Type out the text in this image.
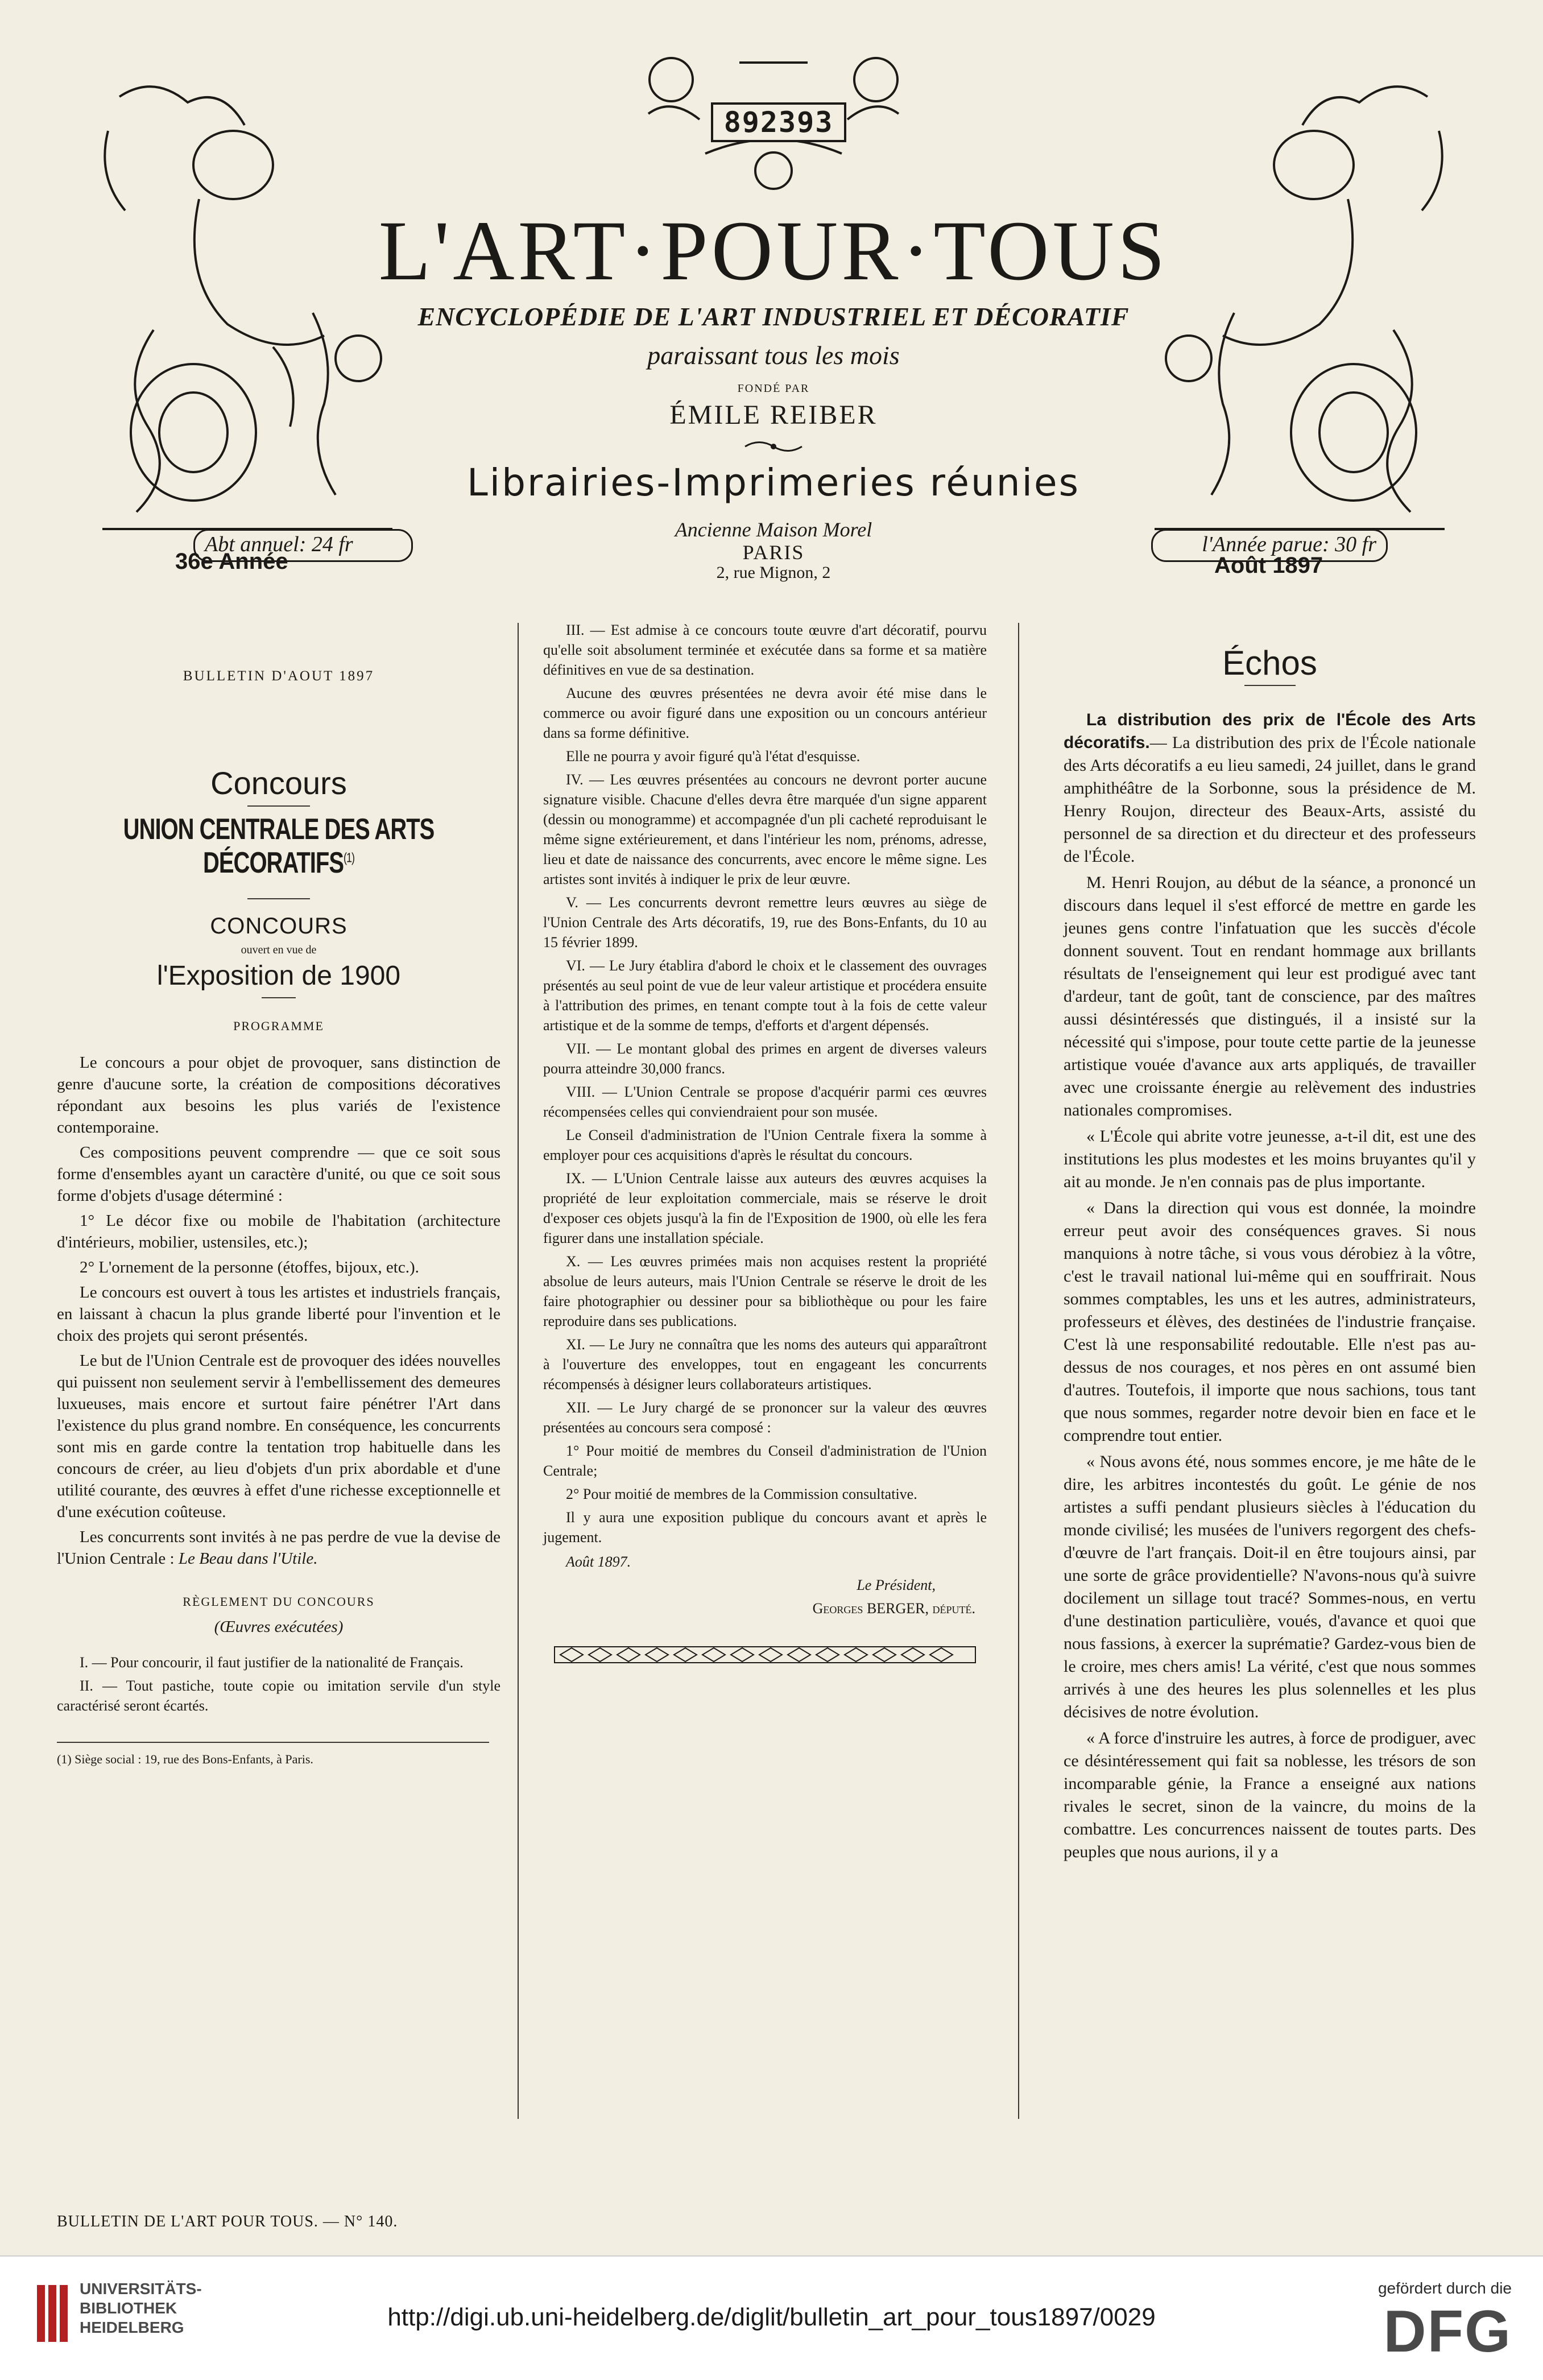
892393
L'ART·POUR·TOUS
ENCYCLOPÉDIE DE L'ART INDUSTRIEL ET DÉCORATIF
paraissant tous les mois
FONDÉ PAR
ÉMILE REIBER
Librairies-Imprimeries réunies
Abt annuel: 24 fr	l'Année parue: 30 fr
Ancienne Maison Morel
PARIS
2, rue Mignon, 2
36e Année	Août 1897

BULLETIN D'AOUT 1897

Concours

UNION CENTRALE DES ARTS DÉCORATIFS$^{(1)}$

CONCOURS

ouvert en vue de

l'Exposition de 1900

PROGRAMME

Le concours a pour objet de provoquer, sans distinction de genre d'aucune sorte, la création de compositions décoratives répondant aux besoins les plus variés de l'existence contemporaine.

Ces compositions peuvent comprendre — que ce soit sous forme d'ensembles ayant un caractère d'unité, ou que ce soit sous forme d'objets d'usage déterminé :

1° Le décor fixe ou mobile de l'habitation (architecture d'intérieurs, mobilier, ustensiles, etc.);

2° L'ornement de la personne (étoffes, bijoux, etc.).

Le concours est ouvert à tous les artistes et industriels français, en laissant à chacun la plus grande liberté pour l'invention et le choix des projets qui seront présentés.

Le but de l'Union Centrale est de provoquer des idées nouvelles qui puissent non seulement servir à l'embellissement des demeures luxueuses, mais encore et surtout faire pénétrer l'Art dans l'existence du plus grand nombre. En conséquence, les concurrents sont mis en garde contre la tentation trop habituelle dans les concours de créer, au lieu d'objets d'un prix abordable et d'une utilité courante, des œuvres à effet d'une richesse exceptionnelle et d'une exécution coûteuse.

Les concurrents sont invités à ne pas perdre de vue la devise de l'Union Centrale : Le Beau dans l'Utile.

RÈGLEMENT DU CONCOURS

(Œuvres exécutées)

I. — Pour concourir, il faut justifier de la nationalité de Français.

II. — Tout pastiche, toute copie ou imitation servile d'un style caractérisé seront écartés.

(1) Siège social : 19, rue des Bons-Enfants, à Paris.

III. — Est admise à ce concours toute œuvre d'art décoratif, pourvu qu'elle soit absolument terminée et exécutée dans sa forme et sa matière définitives en vue de sa destination.

Aucune des œuvres présentées ne devra avoir été mise dans le commerce ou avoir figuré dans une exposition ou un concours antérieur dans sa forme définitive.

Elle ne pourra y avoir figuré qu'à l'état d'esquisse.

IV. — Les œuvres présentées au concours ne devront porter aucune signature visible. Chacune d'elles devra être marquée d'un signe apparent (dessin ou monogramme) et accompagnée d'un pli cacheté reproduisant le même signe extérieurement, et dans l'intérieur les nom, prénoms, adresse, lieu et date de naissance des concurrents, avec encore le même signe. Les artistes sont invités à indiquer le prix de leur œuvre.

V. — Les concurrents devront remettre leurs œuvres au siège de l'Union Centrale des Arts décoratifs, 19, rue des Bons-Enfants, du 10 au 15 février 1899.

VI. — Le Jury établira d'abord le choix et le classement des ouvrages présentés au seul point de vue de leur valeur artistique et procédera ensuite à l'attribution des primes, en tenant compte tout à la fois de cette valeur artistique et de la somme de temps, d'efforts et d'argent dépensés.

VII. — Le montant global des primes en argent de diverses valeurs pourra atteindre 30,000 francs.

VIII. — L'Union Centrale se propose d'acquérir parmi ces œuvres récompensées celles qui conviendraient pour son musée.

Le Conseil d'administration de l'Union Centrale fixera la somme à employer pour ces acquisitions d'après le résultat du concours.

IX. — L'Union Centrale laisse aux auteurs des œuvres acquises la propriété de leur exploitation commerciale, mais se réserve le droit d'exposer ces objets jusqu'à la fin de l'Exposition de 1900, où elle les fera figurer dans une installation spéciale.

X. — Les œuvres primées mais non acquises restent la propriété absolue de leurs auteurs, mais l'Union Centrale se réserve le droit de les faire photographier ou dessiner pour sa bibliothèque ou pour les faire reproduire dans ses publications.

XI. — Le Jury ne connaîtra que les noms des auteurs qui apparaîtront à l'ouverture des enveloppes, tout en engageant les concurrents récompensés à désigner leurs collaborateurs artistiques.

XII. — Le Jury chargé de se prononcer sur la valeur des œuvres présentées au concours sera composé :

1° Pour moitié de membres du Conseil d'administration de l'Union Centrale;

2° Pour moitié de membres de la Commission consultative.

Il y aura une exposition publique du concours avant et après le jugement.

Août 1897.

Le Président,

Georges BERGER, député.

Échos

La distribution des prix de l'École des Arts décoratifs.— La distribution des prix de l'École nationale des Arts décoratifs a eu lieu samedi, 24 juillet, dans le grand amphithéâtre de la Sorbonne, sous la présidence de M. Henry Roujon, directeur des Beaux-Arts, assisté du personnel de sa direction et du directeur et des professeurs de l'École.

M. Henri Roujon, au début de la séance, a prononcé un discours dans lequel il s'est efforcé de mettre en garde les jeunes gens contre l'infatuation que les succès d'école donnent souvent. Tout en rendant hommage aux brillants résultats de l'enseignement qui leur est prodigué avec tant d'ardeur, tant de goût, tant de conscience, par des maîtres aussi désintéressés que distingués, il a insisté sur la nécessité qui s'impose, pour toute cette partie de la jeunesse artistique vouée d'avance aux arts appliqués, de travailler avec une croissante énergie au relèvement des industries nationales compromises.

« L'École qui abrite votre jeunesse, a-t-il dit, est une des institutions les plus modestes et les moins bruyantes qu'il y ait au monde. Je n'en connais pas de plus importante.

« Dans la direction qui vous est donnée, la moindre erreur peut avoir des conséquences graves. Si nous manquions à notre tâche, si vous vous dérobiez à la vôtre, c'est le travail national lui-même qui en souffrirait. Nous sommes comptables, les uns et les autres, administrateurs, professeurs et élèves, des destinées de l'industrie française. C'est là une responsabilité redoutable. Elle n'est pas au-dessus de nos courages, et nos pères en ont assumé bien d'autres. Toutefois, il importe que nous sachions, tous tant que nous sommes, regarder notre devoir bien en face et le comprendre tout entier.

« Nous avons été, nous sommes encore, je me hâte de le dire, les arbitres incontestés du goût. Le génie de nos artistes a suffi pendant plusieurs siècles à l'éducation du monde civilisé; les musées de l'univers regorgent des chefs-d'œuvre de l'art français. Doit-il en être toujours ainsi, par une sorte de grâce providentielle? N'avons-nous qu'à suivre docilement un sillage tout tracé? Sommes-nous, en vertu d'une destination particulière, voués, d'avance et quoi que nous fassions, à exercer la suprématie? Gardez-vous bien de le croire, mes chers amis! La vérité, c'est que nous sommes arrivés à une des heures les plus solennelles et les plus décisives de notre évolution.

« A force d'instruire les autres, à force de prodiguer, avec ce désintéressement qui fait sa noblesse, les trésors de son incomparable génie, la France a enseigné aux nations rivales le secret, sinon de la vaincre, du moins de la combattre. Les concurrences naissent de toutes parts. Des peuples que nous aurions, il y a

BULLETIN DE L'ART POUR TOUS. — N° 140.
UNIVERSITÄTS-
BIBLIOTHEK
HEIDELBERG	http://digi.ub.uni-heidelberg.de/diglit/bulletin_art_pour_tous1897/0029
gefördert durch die
DFG
